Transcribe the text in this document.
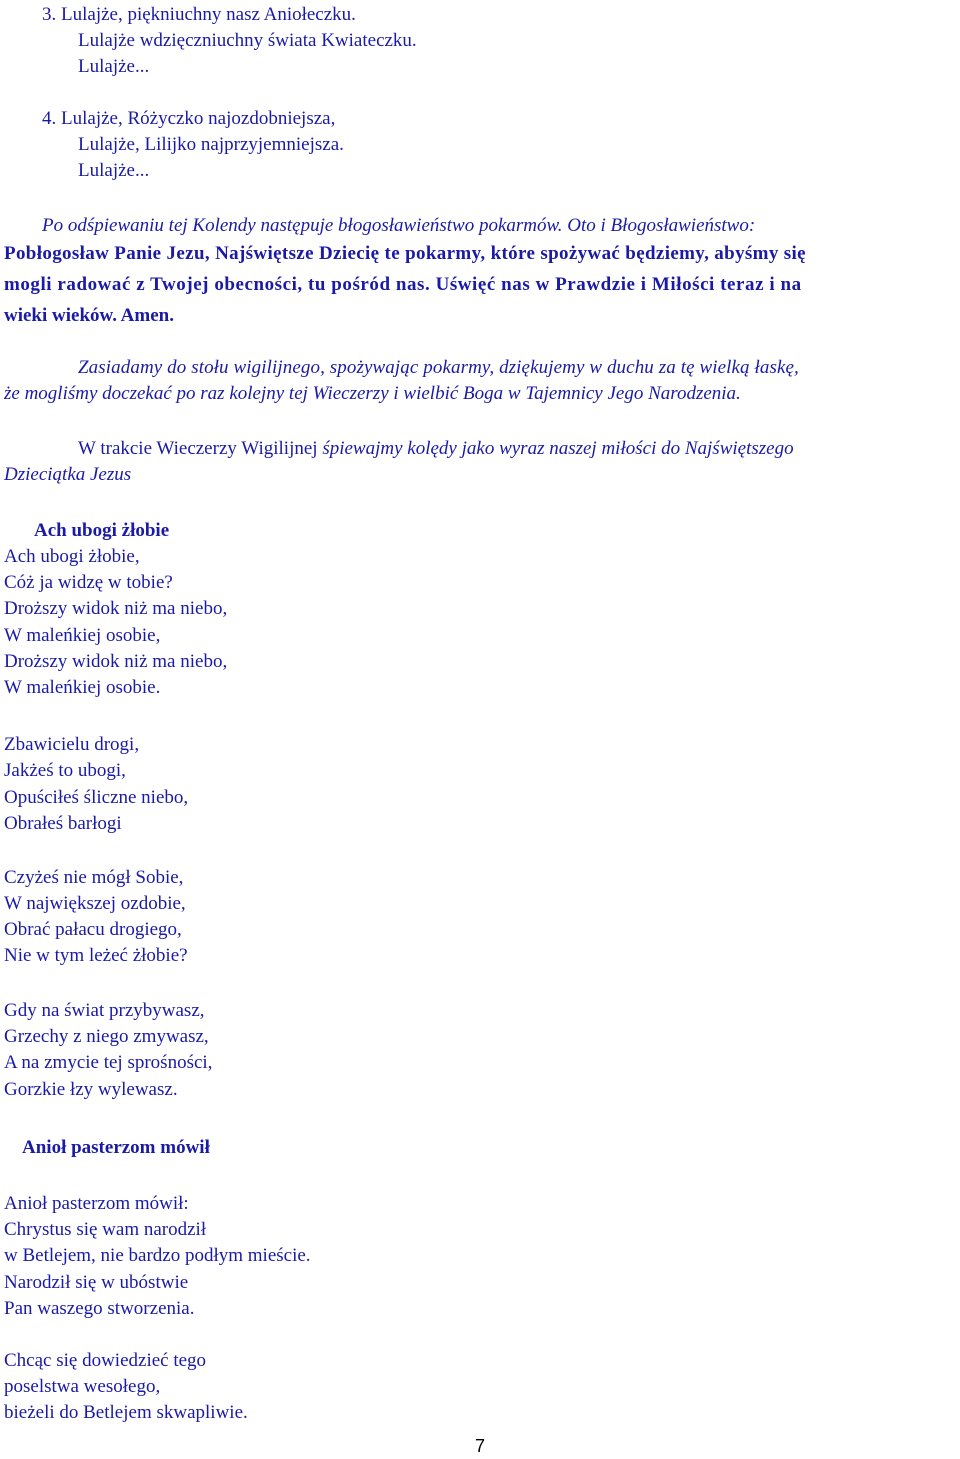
3. Lulajże, piękniuchny nasz Aniołeczku.
Lulajże wdzięczniuchny świata Kwiateczku.
Lulajże...
4. Lulajże, Różyczko najozdobniejsza,
Lulajże, Lilijko najprzyjemniejsza.
Lulajże...
Po odśpiewaniu tej Kolendy następuje błogosławieństwo pokarmów. Oto i Błogosławieństwo:
Pobłogosław Panie Jezu, Najświętsze Dziecię te pokarmy, które spożywać będziemy, abyśmy się
mogli radować z Twojej obecności, tu pośród nas. Uświęć nas w Prawdzie i Miłości teraz i na
wieki wieków. Amen.
Zasiadamy do stołu wigilijnego, spożywając pokarmy, dziękujemy w duchu za tę wielką łaskę,
że mogliśmy doczekać po raz kolejny tej Wieczerzy i wielbić Boga w Tajemnicy Jego Narodzenia.
W trakcie Wieczerzy Wigilijnej śpiewajmy kolędy jako wyraz naszej miłości do Najświętszego
Dzieciątka Jezus
Ach ubogi żłobie
Ach ubogi żłobie,
Cóż ja widzę w tobie?
Droższy widok niż ma niebo,
W maleńkiej osobie,
Droższy widok niż ma niebo,
W maleńkiej osobie.
Zbawicielu drogi,
Jakżeś to ubogi,
Opuściłeś śliczne niebo,
Obrałeś barłogi
Czyżeś nie mógł Sobie,
W największej ozdobie,
Obrać pałacu drogiego,
Nie w tym leżeć żłobie?
Gdy na świat przybywasz,
Grzechy z niego zmywasz,
A na zmycie tej sprośności,
Gorzkie łzy wylewasz.
Anioł pasterzom mówił
Anioł pasterzom mówił:
Chrystus się wam narodził
w Betlejem, nie bardzo podłym mieście.
Narodził się w ubóstwie
Pan waszego stworzenia.
Chcąc się dowiedzieć tego
poselstwa wesołego,
bieżeli do Betlejem skwapliwie.
7
